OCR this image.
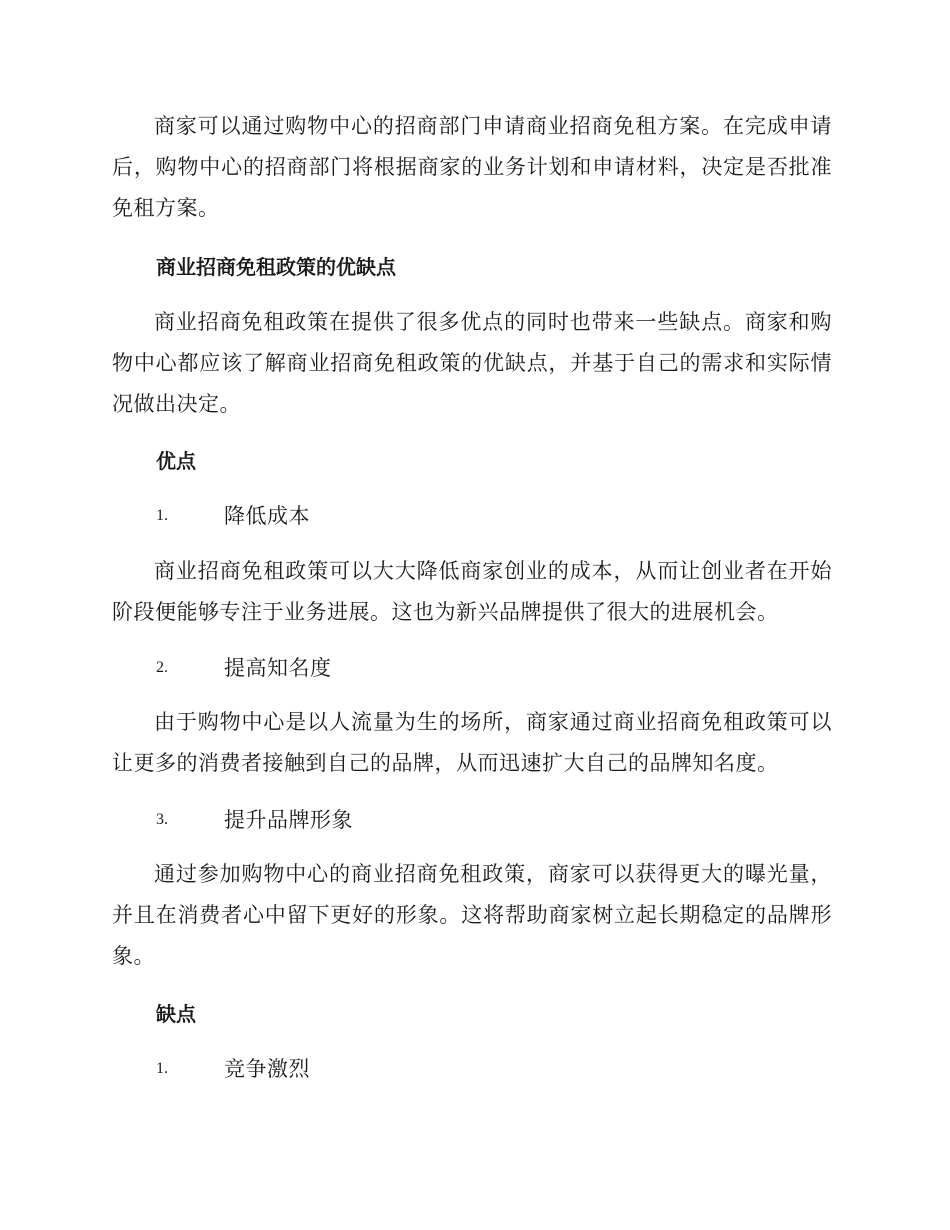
商家可以通过购物中心的招商部门申请商业招商免租方案。在完成申请后，购物中心的招商部门将根据商家的业务计划和申请材料，决定是否批准免租方案。

商业招商免租政策的优缺点

商业招商免租政策在提供了很多优点的同时也带来一些缺点。商家和购物中心都应该了解商业招商免租政策的优缺点，并基于自己的需求和实际情况做出决定。

优点
1.	降低成本

商业招商免租政策可以大大降低商家创业的成本，从而让创业者在开始阶段便能够专注于业务进展。这也为新兴品牌提供了很大的进展机会。

2.	提高知名度

由于购物中心是以人流量为生的场所，商家通过商业招商免租政策可以让更多的消费者接触到自己的品牌，从而迅速扩大自己的品牌知名度。

3.	提升品牌形象

通过参加购物中心的商业招商免租政策，商家可以获得更大的曝光量，并且在消费者心中留下更好的形象。这将帮助商家树立起长期稳定的品牌形象。

缺点
1.	竞争激烈
